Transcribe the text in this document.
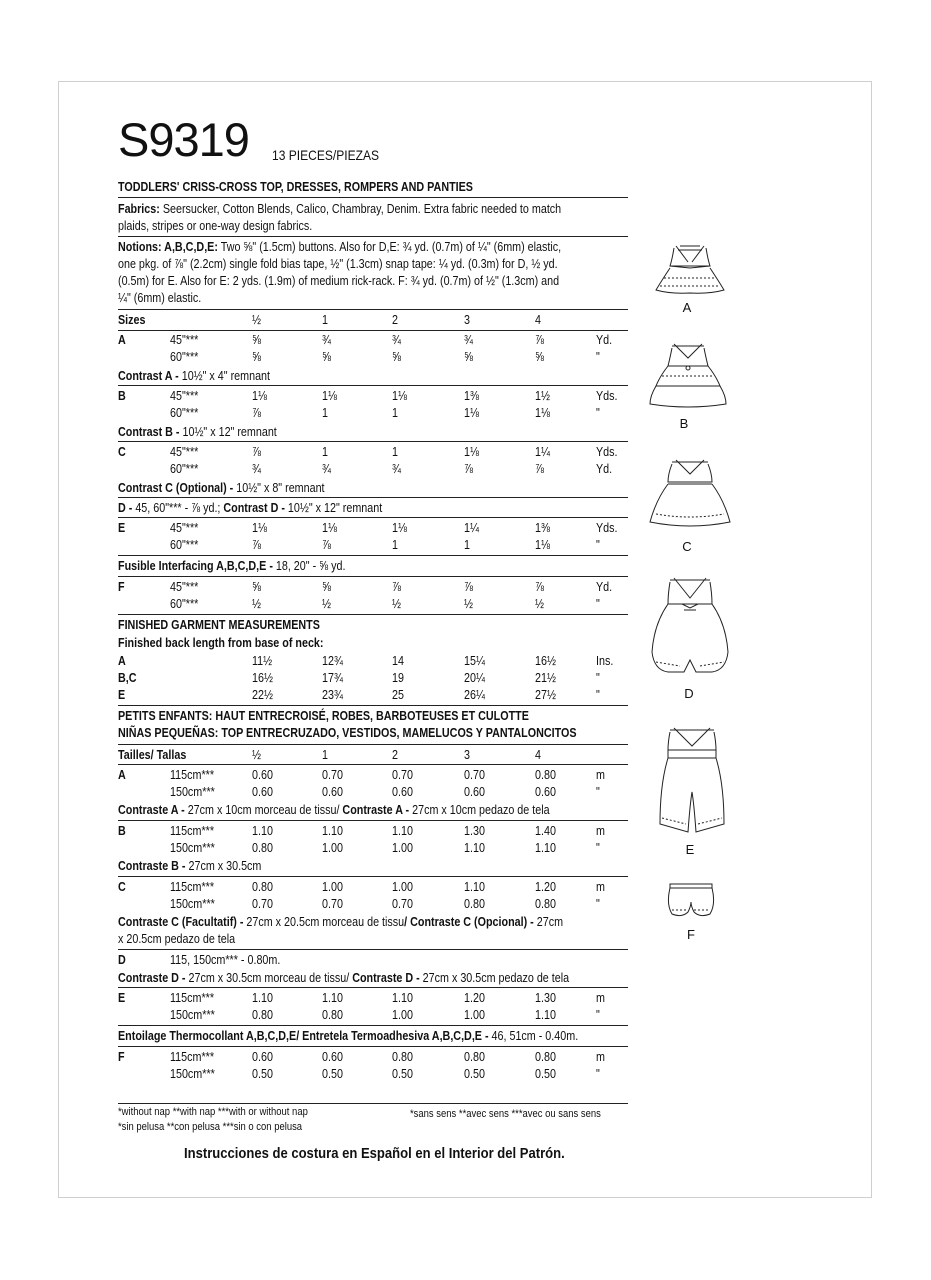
S9319 13 PIECES/PIEZAS
TODDLERS' CRISS-CROSS TOP, DRESSES, ROMPERS AND PANTIES
Fabrics: Seersucker, Cotton Blends, Calico, Chambray, Denim. Extra fabric needed to match
plaids, stripes or one-way design fabrics.
Notions: A,B,C,D,E: Two ⅝" (1.5cm) buttons. Also for D,E: ¾ yd. (0.7m) of ¼" (6mm) elastic,
one pkg. of ⅞" (2.2cm) single fold bias tape, ½" (1.3cm) snap tape: ¼ yd. (0.3m) for D, ½ yd.
(0.5m) for E. Also for E: 2 yds. (1.9m) of medium rick-rack. F: ¾ yd. (0.7m) of ½" (1.3cm) and
¼" (6mm) elastic.
Sizes	½	1	2	3	4
A	45"***	⅝	¾	¾	¾	⅞	Yd.
60"***	⅝	⅝	⅝	⅝	⅝	"
Contrast A - 10½" x 4" remnant
B	45"***	1⅛	1⅛	1⅛	1⅜	1½	Yds.
60"***	⅞	1	1	1⅛	1⅛	"
Contrast B - 10½" x 12" remnant
C	45"***	⅞	1	1	1⅛	1¼	Yds.
60"***	¾	¾	¾	⅞	⅞	Yd.
Contrast C (Optional) - 10½" x 8" remnant
D - 45, 60"*** - ⅞ yd.; Contrast D - 10½" x 12" remnant
E	45"***	1⅛	1⅛	1⅛	1¼	1⅜	Yds.
60"***	⅞	⅞	1	1	1⅛	"
Fusible Interfacing A,B,C,D,E - 18, 20" - ⅝ yd.
F	45"***	⅝	⅝	⅞	⅞	⅞	Yd.
60"***	½	½	½	½	½	"
FINISHED GARMENT MEASUREMENTS
Finished back length from base of neck:
A	11½	12¾	14	15¼	16½	Ins.
B,C	16½	17¾	19	20¼	21½	"
E	22½	23¾	25	26¼	27½	"
PETITS ENFANTS: HAUT ENTRECROISÉ, ROBES, BARBOTEUSES ET CULOTTE
NIÑAS PEQUEÑAS: TOP ENTRECRUZADO, VESTIDOS, MAMELUCOS Y PANTALONCITOS
Tailles/ Tallas	½	1	2	3	4
A	115cm***	0.60	0.70	0.70	0.70	0.80	m
150cm***	0.60	0.60	0.60	0.60	0.60	"
Contraste A - 27cm x 10cm morceau de tissu/ Contraste A - 27cm x 10cm pedazo de tela
B	115cm***	1.10	1.10	1.10	1.30	1.40	m
150cm***	0.80	1.00	1.00	1.10	1.10	"
Contraste B - 27cm x 30.5cm
C	115cm***	0.80	1.00	1.00	1.10	1.20	m
150cm***	0.70	0.70	0.70	0.80	0.80	"
Contraste C (Facultatif) - 27cm x 20.5cm morceau de tissu/ Contraste C (Opcional) - 27cm
x 20.5cm pedazo de tela
D	115, 150cm*** - 0.80m.
Contraste D - 27cm x 30.5cm morceau de tissu/ Contraste D - 27cm x 30.5cm pedazo de tela
E	115cm***	1.10	1.10	1.10	1.20	1.30	m
150cm***	0.80	0.80	1.00	1.00	1.10	"
Entoilage Thermocollant A,B,C,D,E/ Entretela Termoadhesiva A,B,C,D,E - 46, 51cm - 0.40m.
F	115cm***	0.60	0.60	0.80	0.80	0.80	m
150cm***	0.50	0.50	0.50	0.50	0.50	"
*without nap **with nap ***with or without nap
*sin pelusa **con pelusa ***sin o con pelusa
*sans sens **avec sens ***avec ou sans sens
Instrucciones de costura en Español en el Interior del Patrón.
A
B
C
D
E
F
